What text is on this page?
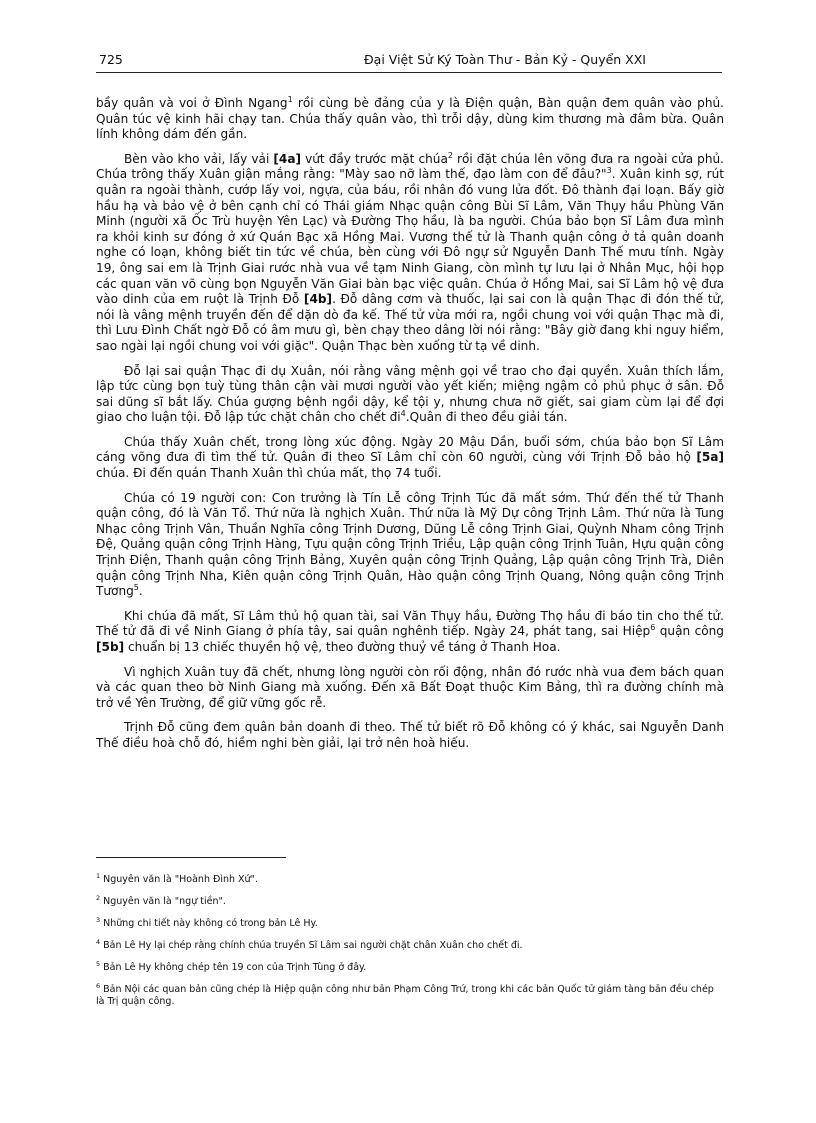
725	Đại Việt Sử Ký Toàn Thư - Bản Kỷ - Quyển XXI

bầy quân và voi ở Đình Ngang$^1$ rồi cùng bè đảng của y là Điện quận, Bàn quận đem quân vào phủ. Quân túc vệ kinh hãi chạy tan. Chúa thấy quân vào, thì trỗi dậy, dùng kim thương mà đâm bừa. Quân lính không dám đến gần.

Bèn vào kho vải, lấy vải [4a] vứt đầy trước mặt chúa$^2$ rồi đặt chúa lên võng đưa ra ngoài cửa phủ. Chúa trông thấy Xuân giận mắng rằng: "Mày sao nỡ làm thế, đạo làm con để đâu?"$^3$. Xuân kinh sợ, rút quân ra ngoài thành, cướp lấy voi, ngựa, của báu, rồi nhân đó vung lửa đốt. Đô thành đại loạn. Bấy giờ hầu hạ và bảo vệ ở bên cạnh chỉ có Thái giám Nhạc quận công Bùi Sĩ Lâm, Văn Thụy hầu Phùng Văn Minh (người xã Ốc Trù huyện Yên Lạc) và Đường Thọ hầu, là ba người. Chúa bảo bọn Sĩ Lâm đưa mình ra khỏi kinh sư đóng ở xứ Quán Bạc xã Hồng Mai. Vương thế tử là Thanh quận công ở tả quân doanh nghe có loạn, không biết tin tức về chúa, bèn cùng với Đô ngự sử Nguyễn Danh Thế mưu tính. Ngày 19, ông sai em là Trịnh Giai rước nhà vua về tạm Ninh Giang, còn mình tự lưu lại ở Nhân Mục, hội họp các quan văn võ cùng bọn Nguyễn Văn Giai bàn bạc việc quân. Chúa ở Hồng Mai, sai Sĩ Lâm hộ vệ đưa vào dinh của em ruột là Trịnh Đỗ [4b]. Đỗ dâng cơm và thuốc, lại sai con là quận Thạc đi đón thế tử, nói là vâng mệnh truyền đến để dặn dò đa kế. Thế tử vừa mới ra, ngồi chung voi với quận Thạc mà đi, thì Lưu Đình Chất ngờ Đỗ có âm mưu gì, bèn chạy theo dâng lời nói rằng: "Bây giờ đang khi nguy hiểm, sao ngài lại ngồi chung voi với giặc". Quận Thạc bèn xuống từ tạ về dinh.

Đỗ lại sai quận Thạc đi dụ Xuân, nói rằng vâng mệnh gọi về trao cho đại quyền. Xuân thích lắm, lập tức cùng bọn tuỳ tùng thân cận vài mươi người vào yết kiến; miệng ngậm cỏ phủ phục ở sân. Đỗ sai dũng sĩ bắt lấy. Chúa gượng bệnh ngồi dậy, kể tội y, nhưng chưa nỡ giết, sai giam cùm lại để đợi giao cho luận tội. Đỗ lập tức chặt chân cho chết đi$^4$.Quân đi theo đều giải tán.

Chúa thấy Xuân chết, trong lòng xúc động. Ngày 20 Mậu Dần, buổi sớm, chúa bảo bọn Sĩ Lâm cáng võng đưa đi tìm thế tử. Quân đi theo Sĩ Lâm chỉ còn 60 người, cùng với Trịnh Đỗ bảo hộ [5a] chúa. Đi đến quán Thanh Xuân thì chúa mất, thọ 74 tuổi.

Chúa có 19 người con: Con trưởng là Tín Lễ công Trịnh Túc đã mất sớm. Thứ đến thế tử Thanh quận công, đó là Văn Tổ. Thứ nữa là nghịch Xuân. Thứ nữa là Mỹ Dự công Trịnh Lâm. Thứ nữa là Tung Nhạc công Trịnh Vân, Thuần Nghĩa công Trịnh Dương, Dũng Lễ công Trịnh Giai, Quỳnh Nham công Trịnh Đệ, Quảng quận công Trịnh Hàng, Tựu quận công Trịnh Triều, Lập quận công Trịnh Tuân, Hựu quận công Trịnh Điện, Thanh quận công Trịnh Bảng, Xuyên quận công Trịnh Quảng, Lập quận công Trịnh Trà, Diên quận công Trịnh Nha, Kiên quận công Trịnh Quân, Hào quận công Trịnh Quang, Nông quận công Trịnh Tương$^5$.

Khi chúa đã mất, Sĩ Lâm thủ hộ quan tài, sai Văn Thụy hầu, Đường Thọ hầu đi báo tin cho thế tử. Thế tử đã đi về Ninh Giang ở phía tây, sai quân nghênh tiếp. Ngày 24, phát tang, sai Hiệp$^6$ quận công [5b] chuẩn bị 13 chiếc thuyền hộ vệ, theo đường thuỷ về táng ở Thanh Hoa.

Vì nghịch Xuân tuy đã chết, nhưng lòng người còn rối động, nhân đó rước nhà vua đem bách quan và các quan theo bờ Ninh Giang mà xuống. Đến xã Bất Đoạt thuộc Kim Bảng, thì ra đường chính mà trở về Yên Trường, để giữ vững gốc rễ.

Trịnh Đỗ cũng đem quân bản doanh đi theo. Thế tử biết rõ Đỗ không có ý khác, sai Nguyễn Danh Thế điều hoà chỗ đó, hiềm nghi bèn giải, lại trở nên hoà hiếu.

$^1$ Nguyên văn là "Hoành Đình Xứ".
$^2$ Nguyên văn là "ngự tiền".
$^3$ Những chi tiết này không có trong bản Lê Hy.
$^4$ Bản Lê Hy lại chép rằng chính chúa truyền Sĩ Lâm sai người chặt chân Xuân cho chết đi.
$^5$ Bản Lê Hy không chép tên 19 con của Trịnh Tùng ở đây.
$^6$ Bản Nội các quan bản cũng chép là Hiệp quận công như bản Phạm Công Trứ, trong khi các bản Quốc tử giám tàng bản đều chép là Trị quận công.
